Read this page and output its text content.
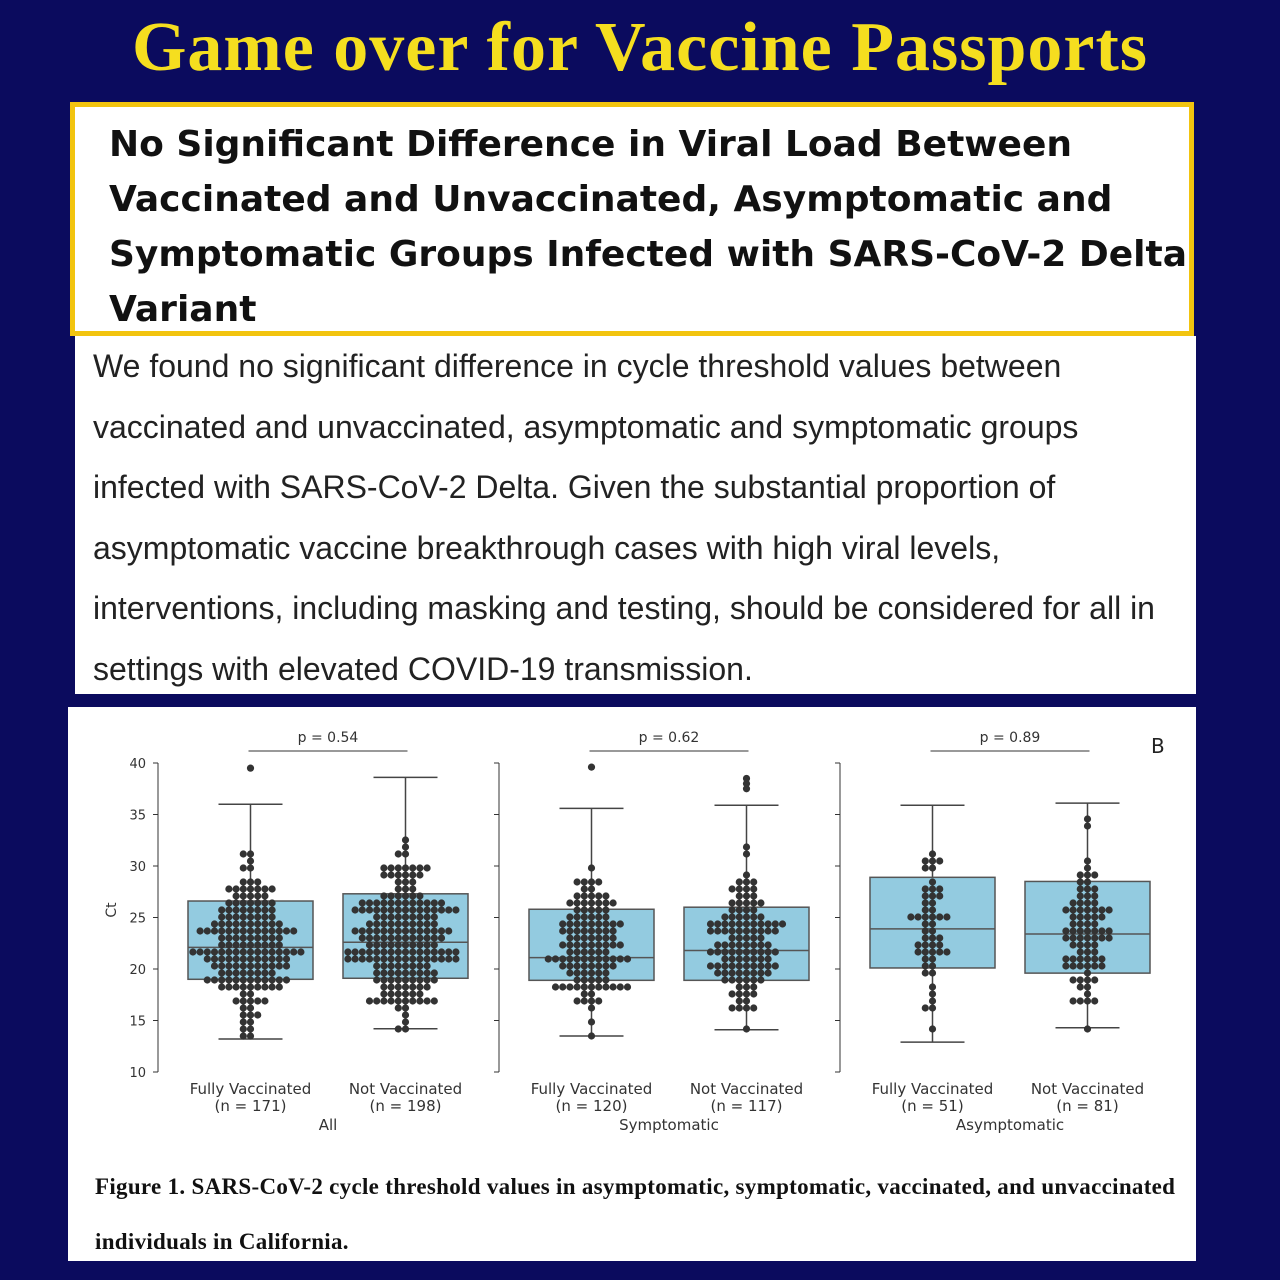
Game over for Vaccine Passports
No Significant Difference in Viral Load Between Vaccinated and Unvaccinated, Asymptomatic and Symptomatic Groups Infected with SARS-CoV-2 Delta Variant

We found no significant difference in cycle threshold values between vaccinated and unvaccinated, asymptomatic and symptomatic groups infected with SARS-CoV-2 Delta. Given the substantial proportion of asymptomatic vaccine breakthrough cases with high viral levels, interventions, including masking and testing, should be considered for all in settings with elevated COVID-19 transmission.

B
Ct
10
15
20
25
30
35
40
p = 0.54
Fully Vaccinated
(n = 171)
Not Vaccinated
(n = 198)
All
p = 0.62
Fully Vaccinated
(n = 120)
Not Vaccinated
(n = 117)
Symptomatic
p = 0.89
Fully Vaccinated
(n = 51)
Not Vaccinated
(n = 81)
Asymptomatic
Figure 1. SARS-CoV-2 cycle threshold values in asymptomatic, symptomatic, vaccinated, and unvaccinated individuals in California.
